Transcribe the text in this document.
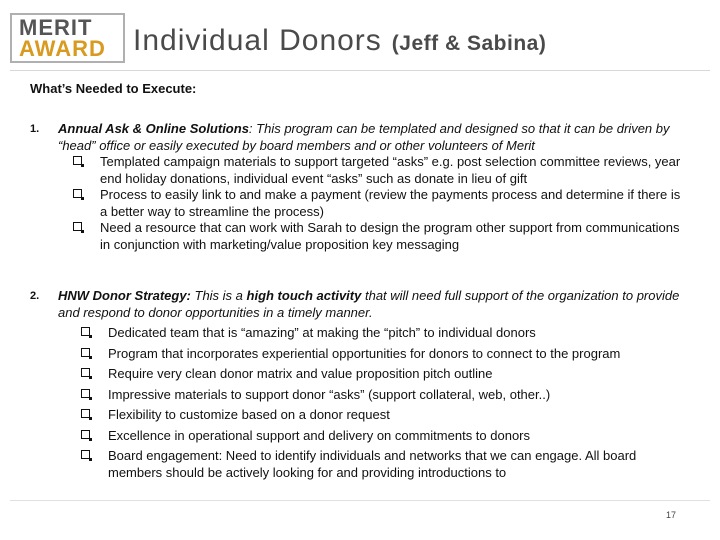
MERIT
AWARD Individual Donors (Jeff & Sabina)
What’s Needed to Execute:
1. Annual Ask & Online Solutions: This program can be templated and designed so that it can be driven by “head” office or easily executed by board members and or other volunteers of Merit
Templated campaign materials to support targeted “asks” e.g. post selection committee reviews, year end holiday donations, individual event “asks” such as donate in lieu of gift
Process to easily link to and make a payment (review the payments process and determine if there is a better way to streamline the process)
Need a resource that can work with Sarah to design the program other support from communications in conjunction with marketing/value proposition key messaging
2. HNW Donor Strategy: This is a high touch activity that will need full support of the organization to provide and respond to donor opportunities in a timely manner.
Dedicated team that is “amazing” at making the “pitch” to individual donors
Program that incorporates experiential opportunities for donors to connect to the program
Require very clean donor matrix and value proposition pitch outline
Impressive materials to support donor “asks” (support collateral, web, other..)
Flexibility to customize based on a donor request
Excellence in operational support and delivery on commitments to donors
Board engagement: Need to identify individuals and networks that we can engage. All board members should be actively looking for and providing introductions to
17
